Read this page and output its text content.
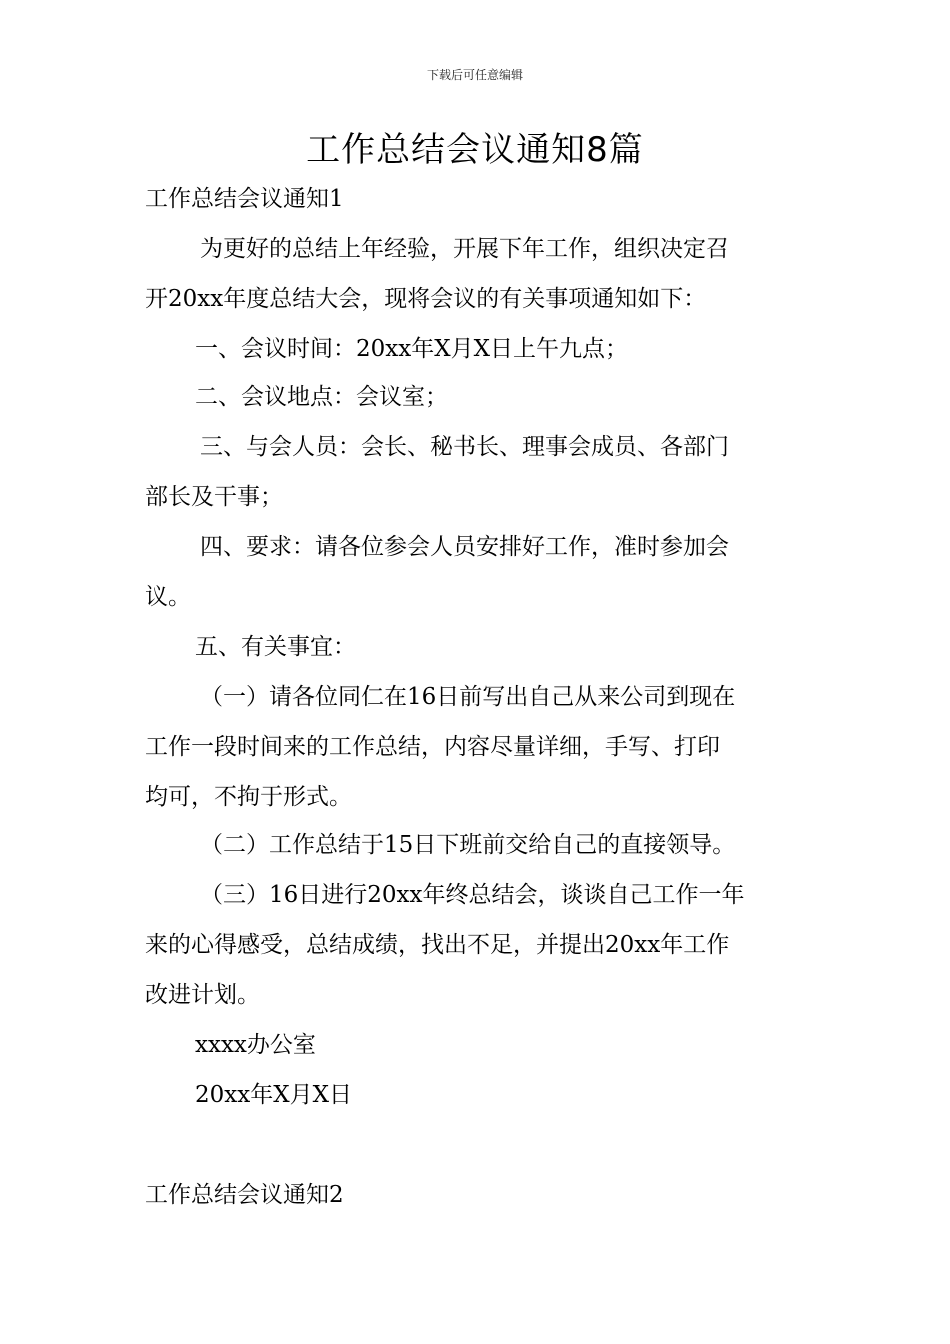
下载后可任意编辑
工作总结会议通知8篇
工作总结会议通知1
为更好的总结上年经验，开展下年工作，组织决定召
开20xx年度总结大会，现将会议的有关事项通知如下：
一、会议时间：20xx年X月X日上午九点；
二、会议地点：会议室；
三、与会人员：会长、秘书长、理事会成员、各部门
部长及干事；
四、要求：请各位参会人员安排好工作，准时参加会
议。
五、有关事宜：
（一）请各位同仁在16日前写出自己从来公司到现在
工作一段时间来的工作总结，内容尽量详细，手写、打印
均可，不拘于形式。
（二）工作总结于15日下班前交给自己的直接领导。
（三）16日进行20xx年终总结会，谈谈自己工作一年
来的心得感受，总结成绩，找出不足，并提出20xx年工作
改进计划。
xxxx办公室
20xx年X月X日
工作总结会议通知2
